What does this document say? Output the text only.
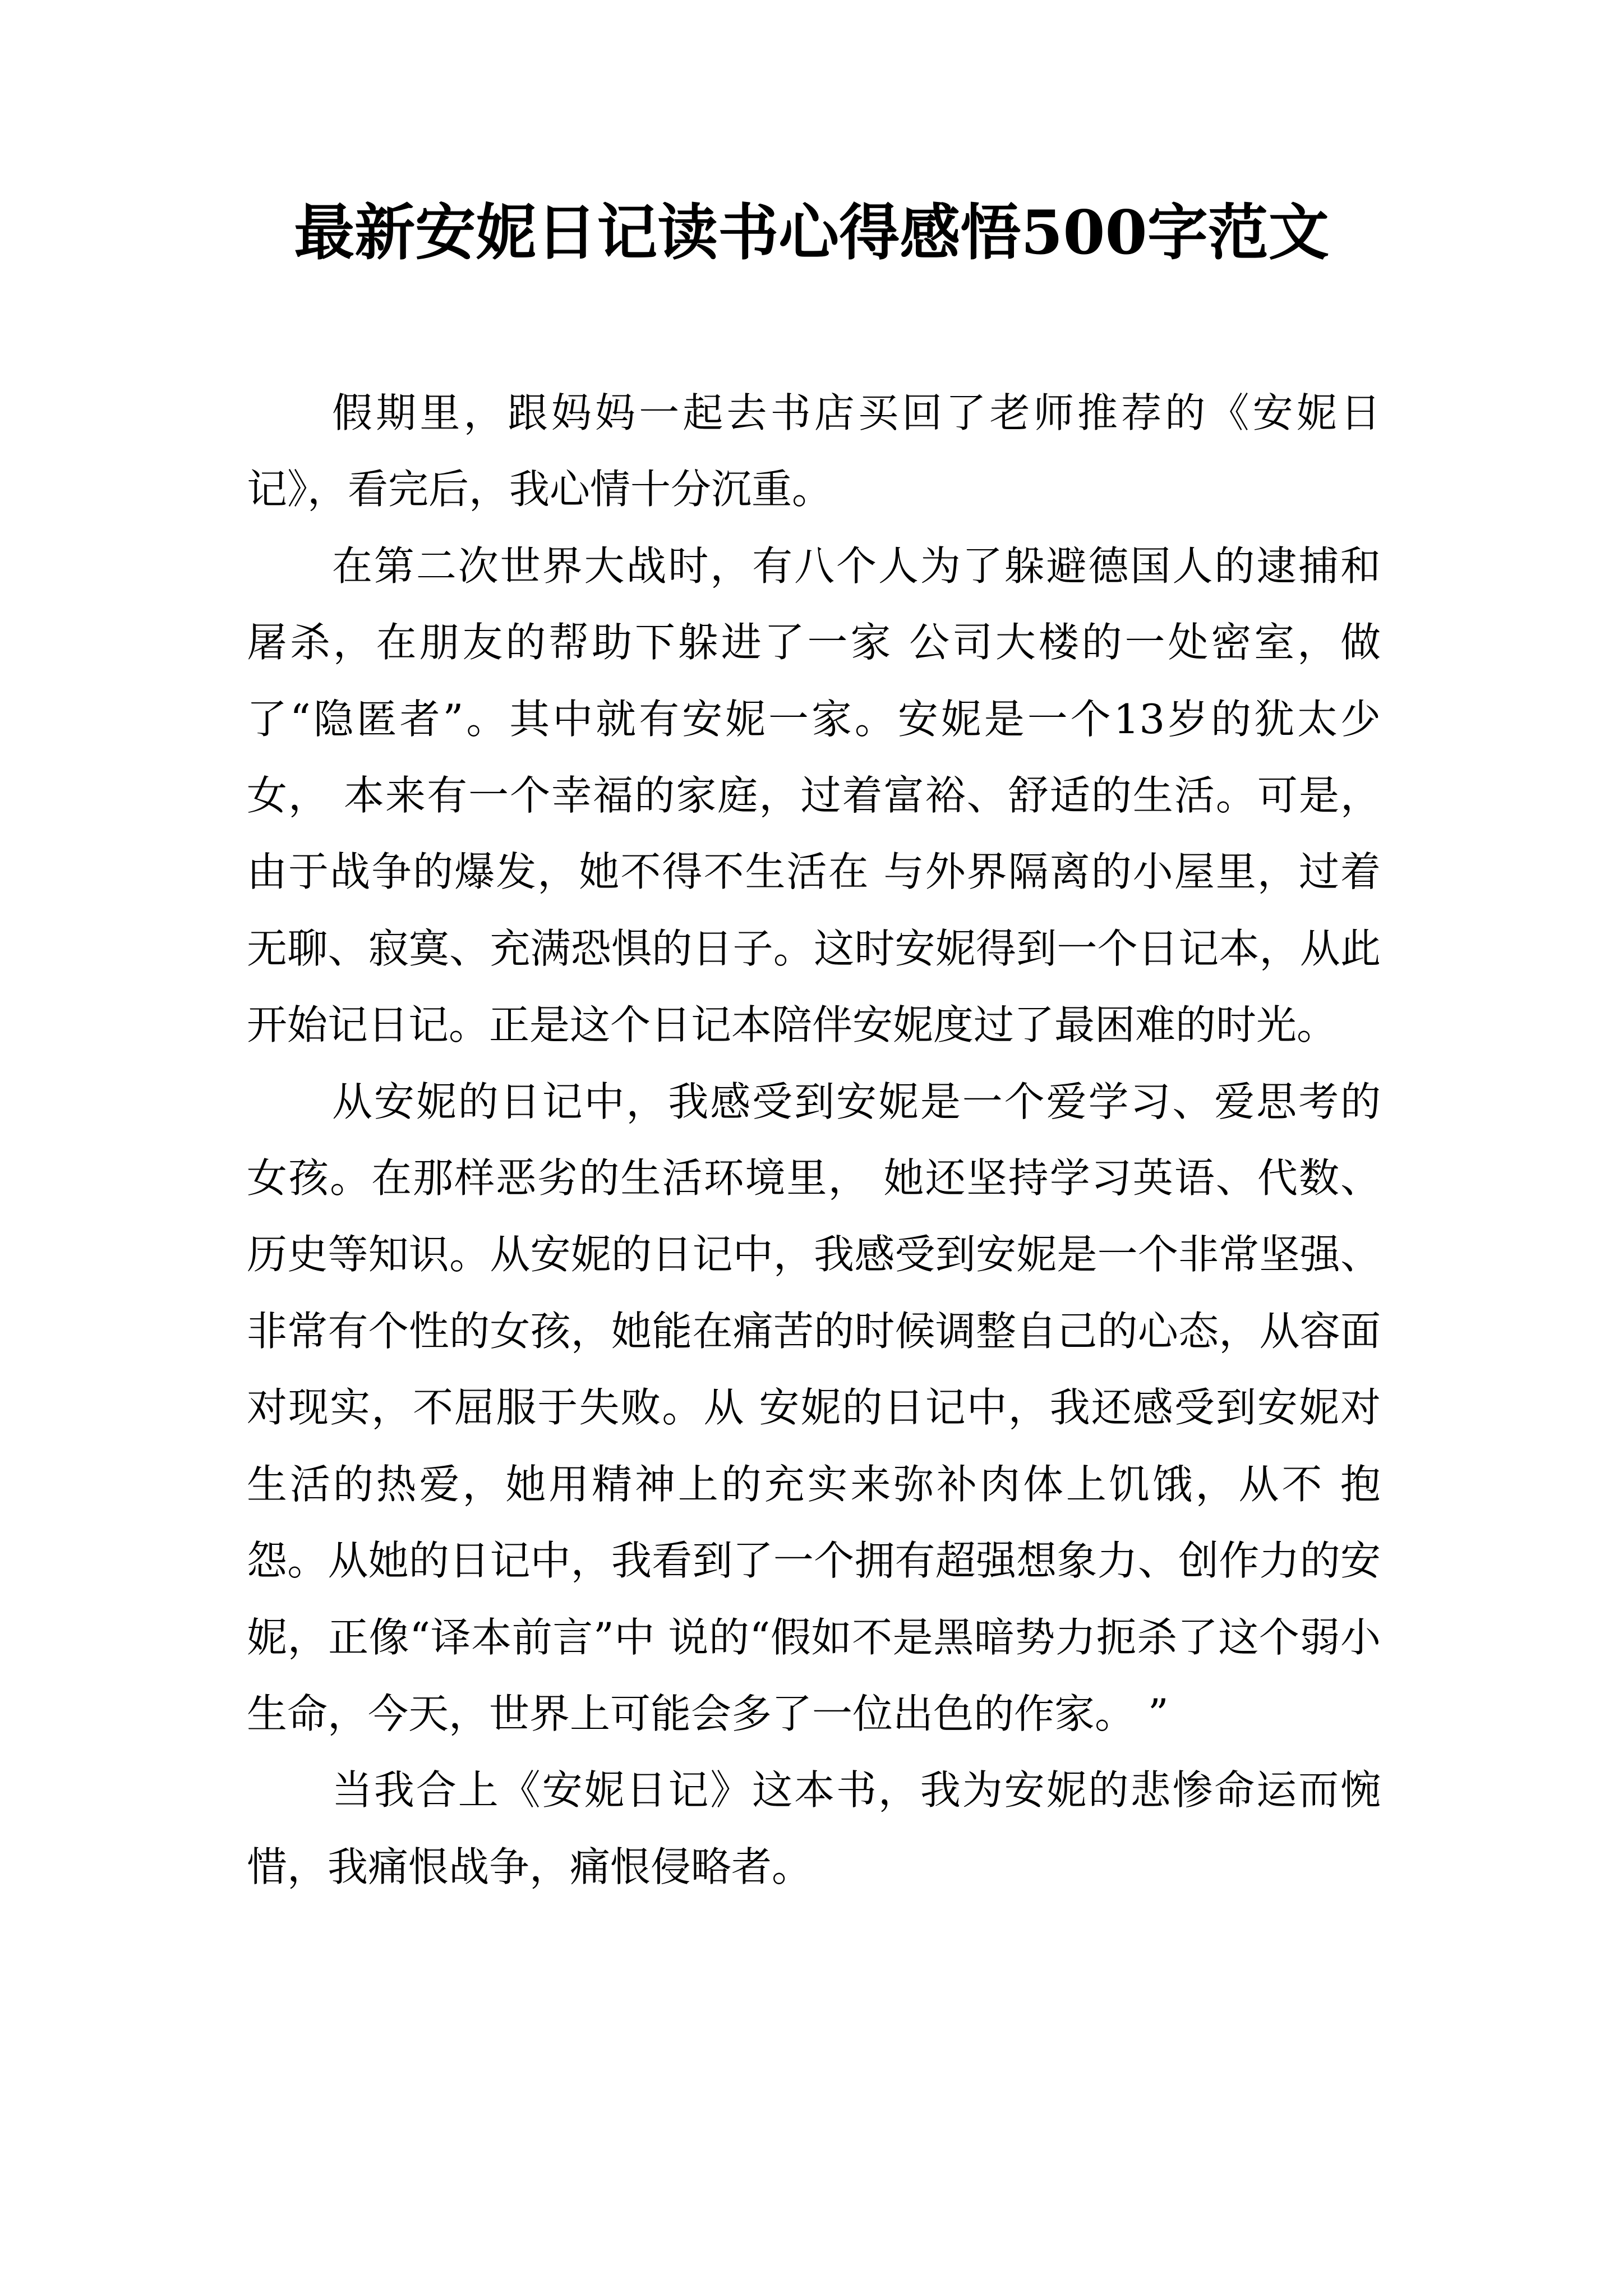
最新安妮日记读书心得感悟500字范文

假期里，跟妈妈一起去书店买回了老师推荐的《安妮日记》，看完后，我心情十分沉重。

在第二次世界大战时，有八个人为了躲避德国人的逮捕和屠杀，在朋友的帮助下躲进了一家 公司大楼的一处密室，做了“隐匿者”。其中就有安妮一家。安妮是一个13岁的犹太少女， 本来有一个幸福的家庭，过着富裕、舒适的生活。可是，由于战争的爆发，她不得不生活在 与外界隔离的小屋里，过着无聊、寂寞、充满恐惧的日子。这时安妮得到一个日记本，从此 开始记日记。正是这个日记本陪伴安妮度过了最困难的时光。

从安妮的日记中，我感受到安妮是一个爱学习、爱思考的女孩。在那样恶劣的生活环境里， 她还坚持学习英语、代数、历史等知识。从安妮的日记中，我感受到安妮是一个非常坚强、 非常有个性的女孩，她能在痛苦的时候调整自己的心态，从容面对现实，不屈服于失败。从 安妮的日记中，我还感受到安妮对生活的热爱，她用精神上的充实来弥补肉体上饥饿，从不 抱怨。从她的日记中，我看到了一个拥有超强想象力、创作力的安妮，正像“译本前言”中 说的“假如不是黑暗势力扼杀了这个弱小生命，今天，世界上可能会多了一位出色的作家。 ”

当我合上《安妮日记》这本书，我为安妮的悲惨命运而惋惜，我痛恨战争，痛恨侵略者。
